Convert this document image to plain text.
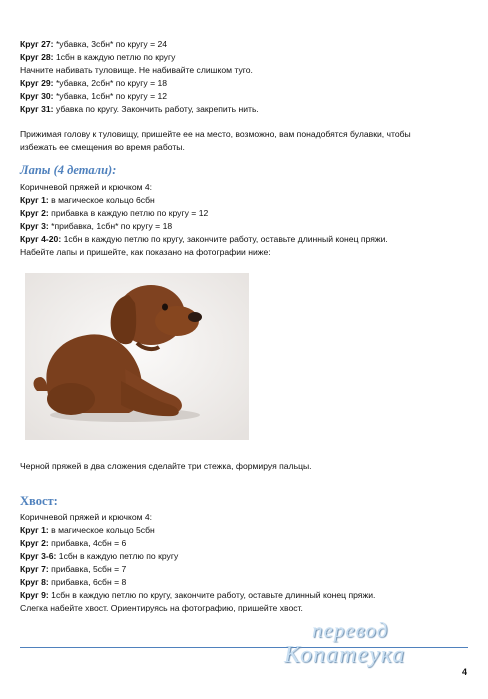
Круг 27: *убавка, 3сбн* по кругу = 24
Круг 28: 1сбн в каждую петлю по кругу
Начните набивать туловище. Не набивайте слишком туго.
Круг 29: *убавка, 2сбн* по кругу = 18
Круг 30: *убавка, 1сбн* по кругу = 12
Круг 31: убавка по кругу. Закончить работу, закрепить нить.
Прижимая голову к туловищу, пришейте ее на место, возможно, вам понадобятся булавки, чтобы
избежать ее смещения во время работы.
Лапы (4 детали):
Коричневой пряжей и крючком 4:
Круг 1: в магическое кольцо 6сбн
Круг 2: прибавка в каждую петлю по кругу = 12
Круг 3: *прибавка, 1сбн* по кругу = 18
Круг 4-20: 1сбн в каждую петлю по кругу, закончите работу, оставьте длинный конец пряжи.
Набейте лапы и пришейте, как показано на фотографии ниже:
Черной пряжей в два сложения сделайте три стежка, формируя пальцы.
Хвост:
Коричневой пряжей и крючком 4:
Круг 1: в магическое кольцо 5сбн
Круг 2: прибавка, 4сбн = 6
Круг 3-6: 1сбн в каждую петлю по кругу
Круг 7: прибавка, 5сбн = 7
Круг 8: прибавка, 6сбн = 8
Круг 9: 1сбн в каждую петлю по кругу, закончите работу, оставьте длинный конец пряжи.
Слегка набейте хвост. Ориентируясь на фотографию, пришейте хвост.
перевод
Копатеука
4
